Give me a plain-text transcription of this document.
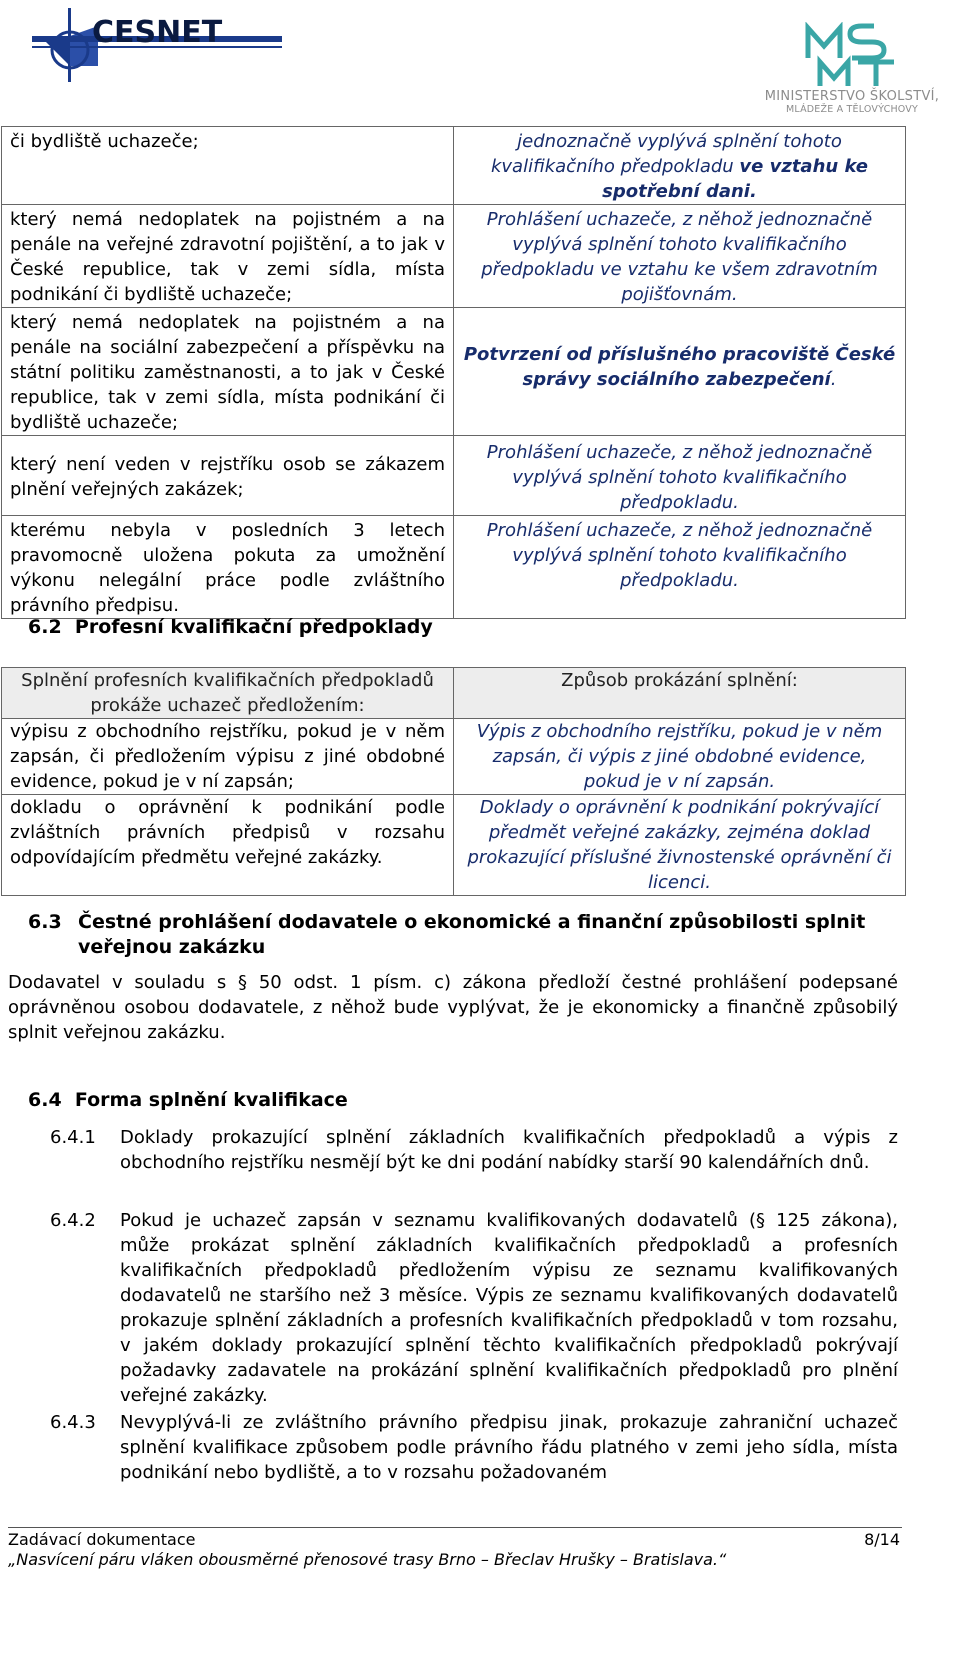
CESNET
MINISTERSTVO ŠKOLSTVÍ,
MLÁDEŽE A TĚLOVÝCHOVY
či bydliště uchazeče;	jednoznačně vyplývá splnění tohoto kvalifikačního předpokladu ve vztahu ke spotřební dani.
který nemá nedoplatek na pojistném a na penále na veřejné zdravotní pojištění, a to jak v České republice, tak v zemi sídla, místa podnikání či bydliště uchazeče;	Prohlášení uchazeče, z něhož jednoznačně vyplývá splnění tohoto kvalifikačního předpokladu ve vztahu ke všem zdravotním pojišťovnám.
který nemá nedoplatek na pojistném a na penále na sociální zabezpečení a příspěvku na státní politiku zaměstnanosti, a to jak v České republice, tak v zemi sídla, místa podnikání či bydliště uchazeče;	Potvrzení od příslušného pracoviště České správy sociálního zabezpečení.
který není veden v rejstříku osob se zákazem plnění veřejných zakázek;	Prohlášení uchazeče, z něhož jednoznačně vyplývá splnění tohoto kvalifikačního předpokladu.
kterému nebyla v posledních 3 letech pravomocně uložena pokuta za umožnění výkonu nelegální práce podle zvláštního právního předpisu.	Prohlášení uchazeče, z něhož jednoznačně vyplývá splnění tohoto kvalifikačního předpokladu.
6.2 Profesní kvalifikační předpoklady
Splnění profesních kvalifikačních předpokladů prokáže uchazeč předložením:	Způsob prokázání splnění:
výpisu z obchodního rejstříku, pokud je v něm zapsán, či předložením výpisu z jiné obdobné evidence, pokud je v ní zapsán;	Výpis z obchodního rejstříku, pokud je v něm zapsán, či výpis z jiné obdobné evidence, pokud je v ní zapsán.
dokladu o oprávnění k podnikání podle zvláštních právních předpisů v rozsahu odpovídajícím předmětu veřejné zakázky.	Doklady o oprávnění k podnikání pokrývající předmět veřejné zakázky, zejména doklad prokazující příslušné živnostenské oprávnění či licenci.
6.3 Čestné prohlášení dodavatele o ekonomické a finanční způsobilosti splnit
veřejnou zakázku
Dodavatel v souladu s § 50 odst. 1 písm. c) zákona předloží čestné prohlášení podepsané oprávněnou osobou dodavatele, z něhož bude vyplývat, že je ekonomicky a finančně způsobilý splnit veřejnou zakázku.
6.4 Forma splnění kvalifikace
6.4.1 Doklady prokazující splnění základních kvalifikačních předpokladů a výpis z obchodního rejstříku nesmějí být ke dni podání nabídky starší 90 kalendářních dnů.
6.4.2 Pokud je uchazeč zapsán v seznamu kvalifikovaných dodavatelů (§ 125 zákona), může prokázat splnění základních kvalifikačních předpokladů a profesních kvalifikačních předpokladů předložením výpisu ze seznamu kvalifikovaných dodavatelů ne staršího než 3 měsíce. Výpis ze seznamu kvalifikovaných dodavatelů prokazuje splnění základních a profesních kvalifikačních předpokladů v tom rozsahu, v jakém doklady prokazující splnění těchto kvalifikačních předpokladů pokrývají požadavky zadavatele na prokázání splnění kvalifikačních předpokladů pro plnění veřejné zakázky.
6.4.3 Nevyplývá-li ze zvláštního právního předpisu jinak, prokazuje zahraniční uchazeč splnění kvalifikace způsobem podle právního řádu platného v zemi jeho sídla, místa podnikání nebo bydliště, a to v rozsahu požadovaném
Zadávací dokumentace	8/14
„Nasvícení páru vláken obousměrné přenosové trasy Brno – Břeclav Hrušky – Bratislava.“
